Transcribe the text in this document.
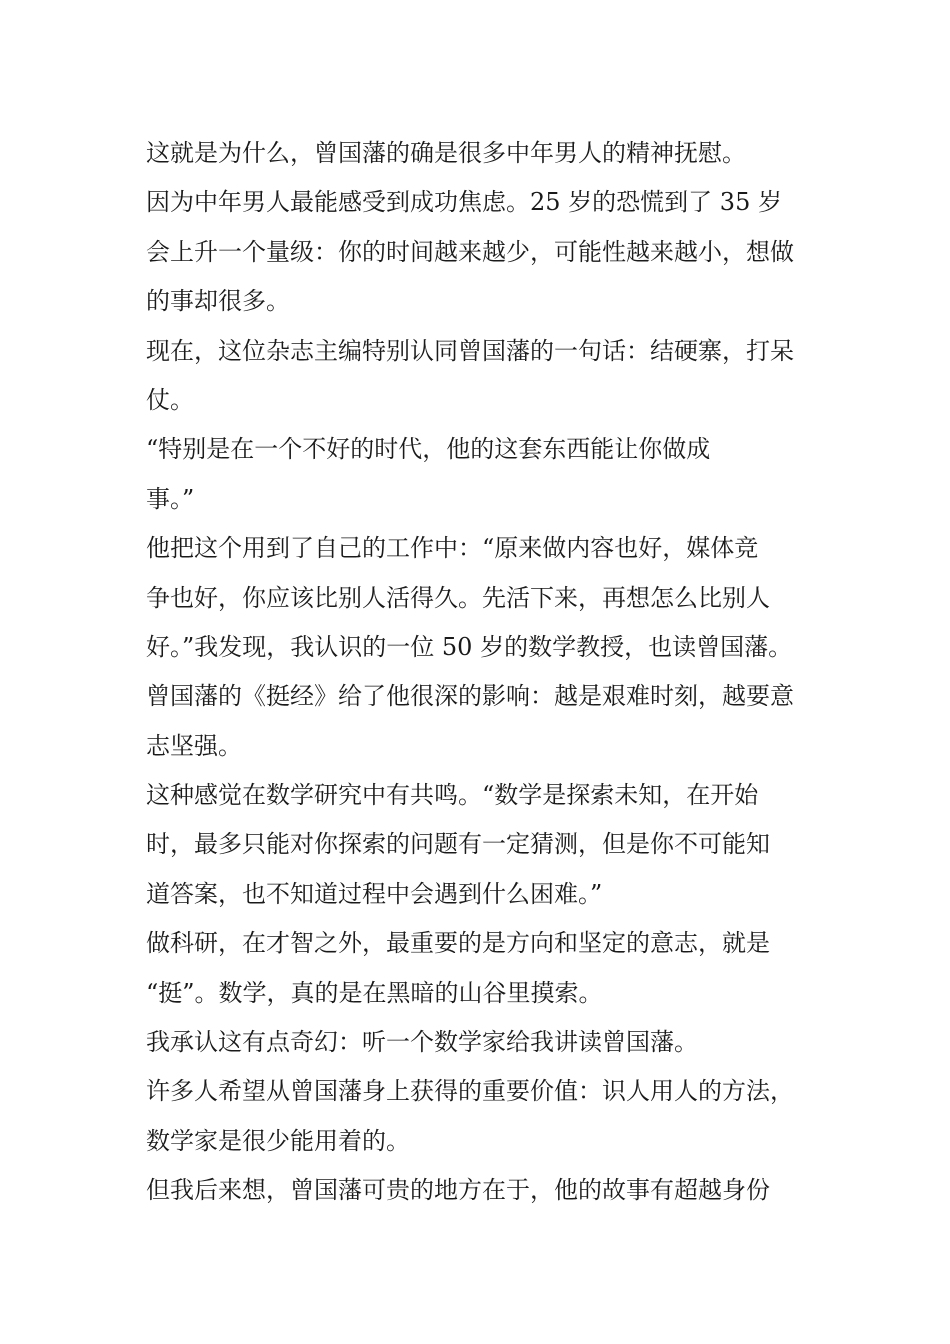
这就是为什么，曾国藩的确是很多中年男人的精神抚慰。
因为中年男人最能感受到成功焦虑。25 岁的恐慌到了 35 岁
会上升一个量级：你的时间越来越少，可能性越来越小，想做
的事却很多。
现在，这位杂志主编特别认同曾国藩的一句话：结硬寨，打呆
仗。
“特别是在一个不好的时代，他的这套东西能让你做成
事。”
他把这个用到了自己的工作中：“原来做内容也好，媒体竞
争也好，你应该比别人活得久。先活下来，再想怎么比别人
好。”我发现，我认识的一位 50 岁的数学教授，也读曾国藩。
曾国藩的《挺经》给了他很深的影响：越是艰难时刻，越要意
志坚强。
这种感觉在数学研究中有共鸣。“数学是探索未知，在开始
时，最多只能对你探索的问题有一定猜测，但是你不可能知
道答案，也不知道过程中会遇到什么困难。”
做科研，在才智之外，最重要的是方向和坚定的意志，就是
“挺”。数学，真的是在黑暗的山谷里摸索。
我承认这有点奇幻：听一个数学家给我讲读曾国藩。
许多人希望从曾国藩身上获得的重要价值：识人用人的方法，
数学家是很少能用着的。
但我后来想，曾国藩可贵的地方在于，他的故事有超越身份
